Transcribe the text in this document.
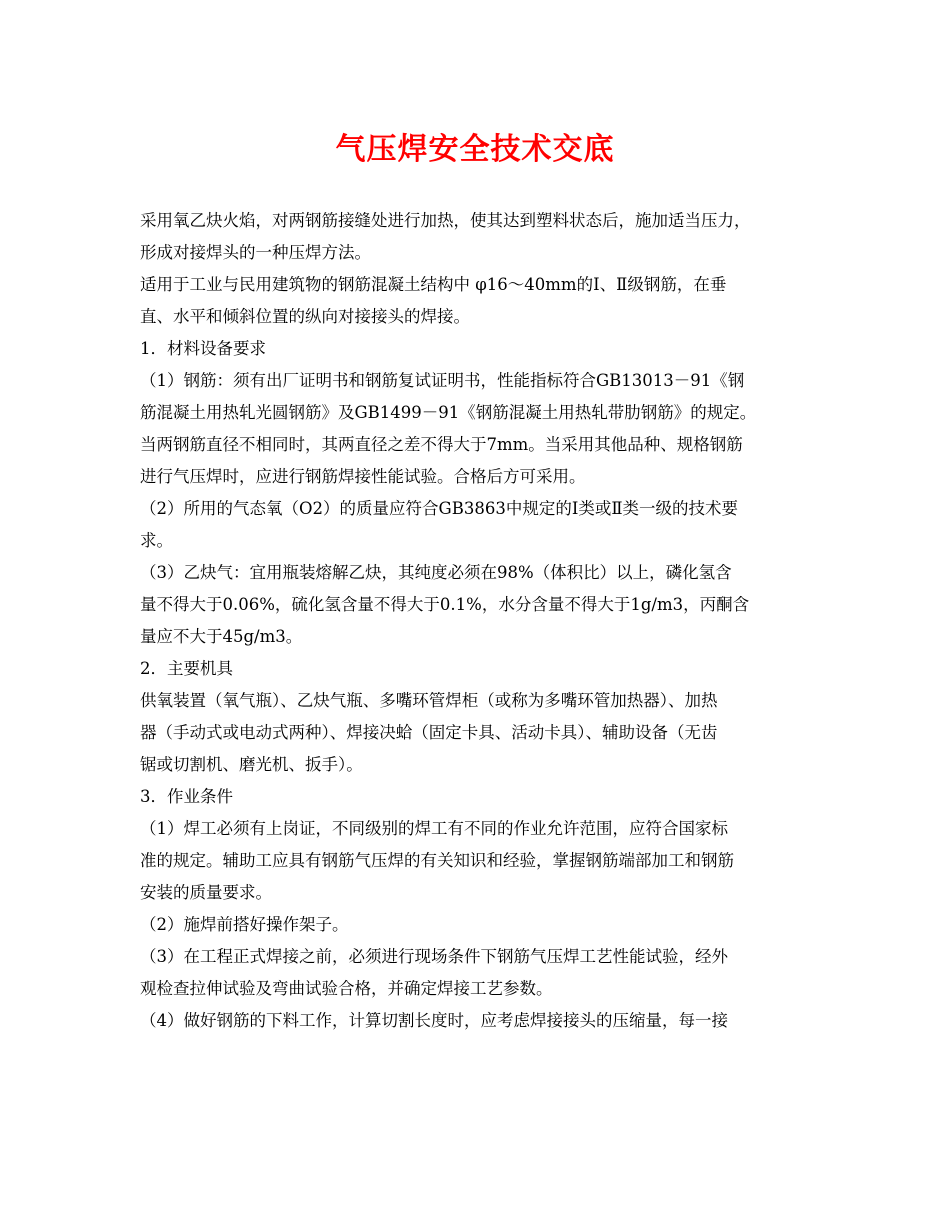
气压焊安全技术交底
采用氧乙炔火焰，对两钢筋接缝处进行加热，使其达到塑料状态后，施加适当压力，
形成对接焊头的一种压焊方法。
适用于工业与民用建筑物的钢筋混凝土结构中 φ16～40mm的Ⅰ、Ⅱ级钢筋，在垂
直、水平和倾斜位置的纵向对接接头的焊接。
1．材料设备要求
（1）钢筋：须有出厂证明书和钢筋复试证明书，性能指标符合GB13013－91《钢
筋混凝土用热轧光圆钢筋》及GB1499－91《钢筋混凝土用热轧带肋钢筋》的规定。
当两钢筋直径不相同时，其两直径之差不得大于7mm。当采用其他品种、规格钢筋
进行气压焊时，应进行钢筋焊接性能试验。合格后方可采用。
（2）所用的气态氧（O2）的质量应符合GB3863中规定的Ⅰ类或Ⅱ类一级的技术要
求。
（3）乙炔气：宜用瓶装熔解乙炔，其纯度必须在98%（体积比）以上，磷化氢含
量不得大于0.06%，硫化氢含量不得大于0.1%，水分含量不得大于1g/m3，丙酮含
量应不大于45g/m3。
2．主要机具
供氧装置（氧气瓶）、乙炔气瓶、多嘴环管焊柜（或称为多嘴环管加热器）、加热
器（手动式或电动式两种）、焊接决蛤（固定卡具、活动卡具）、辅助设备（无齿
锯或切割机、磨光机、扳手）。
3．作业条件
（1）焊工必须有上岗证，不同级别的焊工有不同的作业允许范围，应符合国家标
准的规定。辅助工应具有钢筋气压焊的有关知识和经验，掌握钢筋端部加工和钢筋
安装的质量要求。
（2）施焊前搭好操作架子。
（3）在工程正式焊接之前，必须进行现场条件下钢筋气压焊工艺性能试验，经外
观检查拉伸试验及弯曲试验合格，并确定焊接工艺参数。
（4）做好钢筋的下料工作，计算切割长度时，应考虑焊接接头的压缩量，每一接
